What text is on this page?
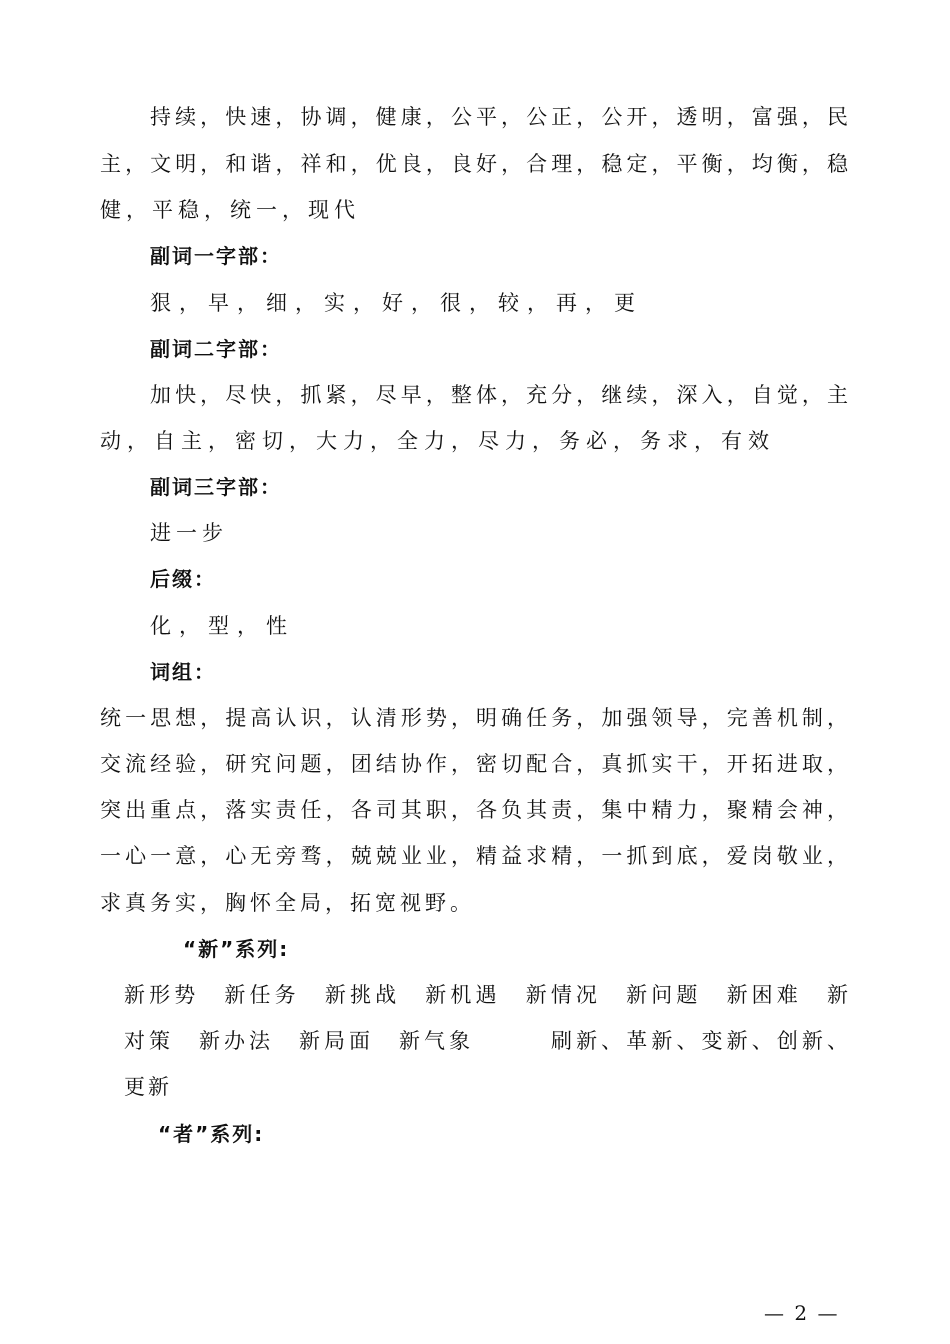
持续，快速，协调，健康，公平，公正，公开，透明，富强，民
主，文明，和谐，祥和，优良，良好，合理，稳定，平衡，均衡，稳
健，平稳，统一，现代
副词一字部：
狠，早，细，实，好，很，较，再，更
副词二字部：
加快，尽快，抓紧，尽早，整体，充分，继续，深入，自觉，主
动，自主，密切，大力，全力，尽力，务必，务求，有效
副词三字部：
进一步
后缀：
化，型，性
词组：
统一思想，提高认识，认清形势，明确任务，加强领导，完善机制，
交流经验，研究问题，团结协作，密切配合，真抓实干，开拓进取，
突出重点，落实责任，各司其职，各负其责，集中精力，聚精会神，
一心一意，心无旁骛，兢兢业业，精益求精，一抓到底，爱岗敬业，
求真务实，胸怀全局，拓宽视野。
“新”系列:
新形势　新任务　新挑战　新机遇　新情况　新问题　新困难　新
对策　新办法　新局面　新气象	刷新、革新、变新、创新、
更新
“者”系列:
— 2 —
